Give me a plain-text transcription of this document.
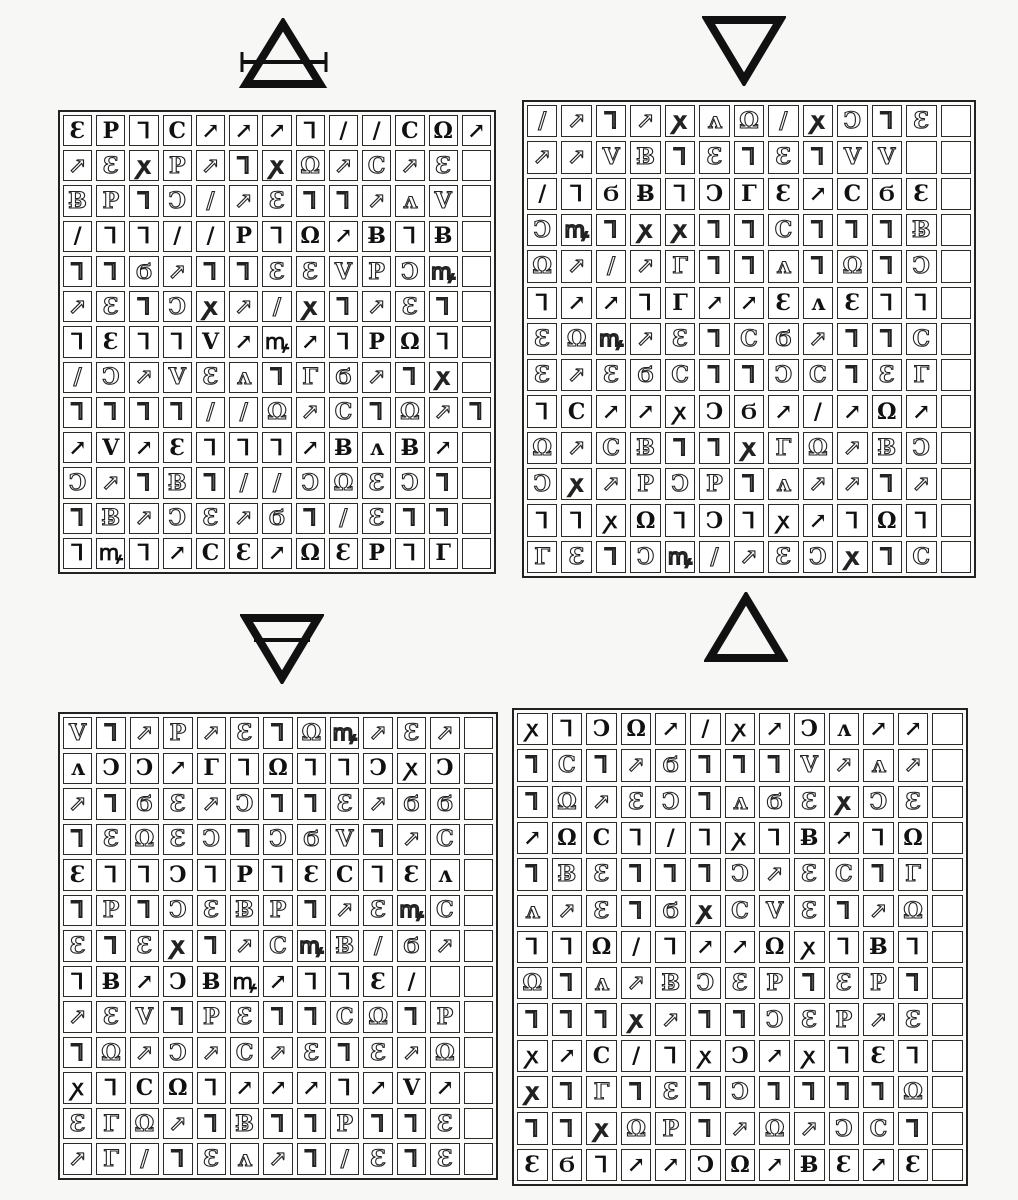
Ɛ P ꓶ Ϲ ↗ ↗ ↗ ꓶ	/	/ Ϲ Ω ↗
↗ Ɛ ꭗ P ↗ ꓶ ꭗ Ω ↗ Ϲ ↗ Ɛ
Ƀ P ꓶ Ͻ / ↗ Ɛ ꓶ ꓶ ↗ ʌ V
/	ꓶ ꓶ	/	/ P ꓶ Ω ↗ Ƀ ꓶ Ƀ
ꓶ ꓶ Ϭ ↗ ꓶ ꓶ Ɛ Ɛ V P Ͻ ꝳ
↗ Ɛ ꓶ Ͻ ꭗ ↗ /	ꭗ ꓶ ↗ Ɛ ꓶ
ꓶ Ɛ ꓶ ꓶ V ↗ ꝳ ↗ ꓶ P Ω ꓶ
/ Ͻ ↗ V Ɛ ʌ ꓶ Γ Ϭ ↗ ꓶ ꭗ
ꓶ ꓶ ꓶ ꓶ	/	/ Ω ↗ Ϲ ꓶ Ω ↗ ꓶ
↗ V ↗ Ɛ ꓶ ꓶ ꓶ ↗ Ƀ ʌ Ƀ ↗
Ͻ ↗ ꓶ Ƀ ꓶ	/	/ Ͻ Ω Ɛ Ͻ ꓶ
ꓶ Ƀ ↗ Ͻ Ɛ ↗ Ϭ ꓶ	/ Ɛ ꓶ ꓶ
ꓶ ꝳ ꓶ ↗ Ϲ Ɛ ↗ Ω Ɛ P ꓶ Γ
/ ↗ ꓶ ↗ ꭗ ʌ Ω /	ꭗ Ͻ ꓶ Ɛ
↗ ↗ V Ƀ ꓶ Ɛ ꓶ Ɛ ꓶ V V
/	ꓶ Ϭ Ƀ ꓶ Ͻ Γ Ɛ ↗ Ϲ Ϭ Ɛ
Ͻ ꝳ ꓶ	ꭗ	ꭗ	ꓶ	ꓶ Ϲ ꓶ	ꓶ	ꓶ Ƀ
Ω ↗ / ↗ Γ ꓶ	ꓶ ʌ ꓶ Ω ꓶ Ͻ
ꓶ ↗ ↗ ꓶ Γ ↗ ↗ Ɛ ʌ Ɛ ꓶ	ꓶ
Ɛ Ω ꝳ ↗ Ɛ ꓶ Ϲ Ϭ ↗ ꓶ	ꓶ Ϲ
Ɛ ↗ Ɛ Ϭ Ϲ ꓶ	ꓶ Ͻ Ϲ ꓶ Ɛ Γ
ꓶ Ϲ ↗ ↗ ꭗ Ͻ Ϭ ↗ / ↗ Ω ↗
Ω ↗ Ϲ Ƀ ꓶ	ꓶ	ꭗ Γ Ω ↗ Ƀ Ͻ
Ͻ ꭗ ↗ P Ͻ P ꓶ ʌ ↗ ↗ ꓶ ↗
ꓶ	ꓶ	ꭗ Ω ꓶ Ͻ ꓶ	ꭗ ↗ ꓶ Ω ꓶ
Γ Ɛ ꓶ Ͻ ꝳ / ↗ Ɛ Ͻ ꭗ	ꓶ Ϲ
V ꓶ ↗ P ↗ Ɛ ꓶ Ω ꝳ ↗ Ɛ ↗
ʌ Ͻ Ͻ ↗ Γ ꓶ Ω ꓶ ꓶ Ͻ ꭗ Ͻ
↗ ꓶ Ϭ Ɛ ↗ Ͻ ꓶ ꓶ Ɛ ↗ Ϭ Ϭ
ꓶ Ɛ Ω Ɛ Ͻ ꓶ Ͻ Ϭ V ꓶ ↗ Ϲ
Ɛ ꓶ ꓶ Ͻ ꓶ P ꓶ Ɛ Ϲ ꓶ Ɛ ʌ
ꓶ P ꓶ Ͻ Ɛ Ƀ P ꓶ ↗ Ɛ ꝳ Ϲ
Ɛ ꓶ Ɛ ꭗ ꓶ ↗ Ϲ ꝳ Ƀ / Ϭ ↗
ꓶ Ƀ ↗ Ͻ Ƀ ꝳ ↗ ꓶ ꓶ Ɛ /
↗ Ɛ V ꓶ P Ɛ ꓶ ꓶ Ϲ Ω ꓶ P
ꓶ Ω ↗ Ͻ ↗ Ϲ ↗ Ɛ ꓶ Ɛ ↗ Ω
ꭗ ꓶ Ϲ Ω ꓶ ↗ ↗ ↗ ꓶ ↗ V ↗
Ɛ Γ Ω ↗ ꓶ Ƀ ꓶ ꓶ P ꓶ ꓶ Ɛ
↗ Γ /	ꓶ Ɛ ʌ ↗ ꓶ	/ Ɛ ꓶ Ɛ
ꭗ	ꓶ Ͻ Ω ↗ /	ꭗ ↗ Ͻ ʌ ↗ ↗
ꓶ Ϲ ꓶ ↗ Ϭ ꓶ	ꓶ	ꓶ V ↗ ʌ ↗
ꓶ Ω ↗ Ɛ Ͻ ꓶ ʌ Ϭ Ɛ ꭗ Ͻ Ɛ
↗ Ω Ϲ ꓶ	/	ꓶ	ꭗ	ꓶ Ƀ ↗ ꓶ Ω
ꓶ Ƀ Ɛ ꓶ	ꓶ	ꓶ Ͻ ↗ Ɛ Ϲ ꓶ Γ
ʌ ↗ Ɛ ꓶ Ϭ ꭗ Ϲ V Ɛ ꓶ ↗ Ω
ꓶ	ꓶ Ω /	ꓶ ↗ ↗ Ω ꭗ	ꓶ Ƀ ꓶ
Ω ꓶ ʌ ↗ Ƀ Ͻ Ɛ P ꓶ Ɛ P ꓶ
ꓶ	ꓶ	ꓶ	ꭗ ↗ ꓶ	ꓶ Ͻ Ɛ P ↗ Ɛ
ꭗ ↗ Ϲ /	ꓶ	ꭗ Ͻ ↗ ꭗ	ꓶ Ɛ ꓶ
ꭗ	ꓶ Γ ꓶ Ɛ ꓶ Ͻ ꓶ	ꓶ	ꓶ	ꓶ Ω
ꓶ	ꓶ	ꭗ Ω P ꓶ ↗ Ω ↗ Ͻ Ϲ ꓶ
Ɛ Ϭ ꓶ ↗ ↗ Ͻ Ω ↗ Ƀ Ɛ ↗ Ɛ
